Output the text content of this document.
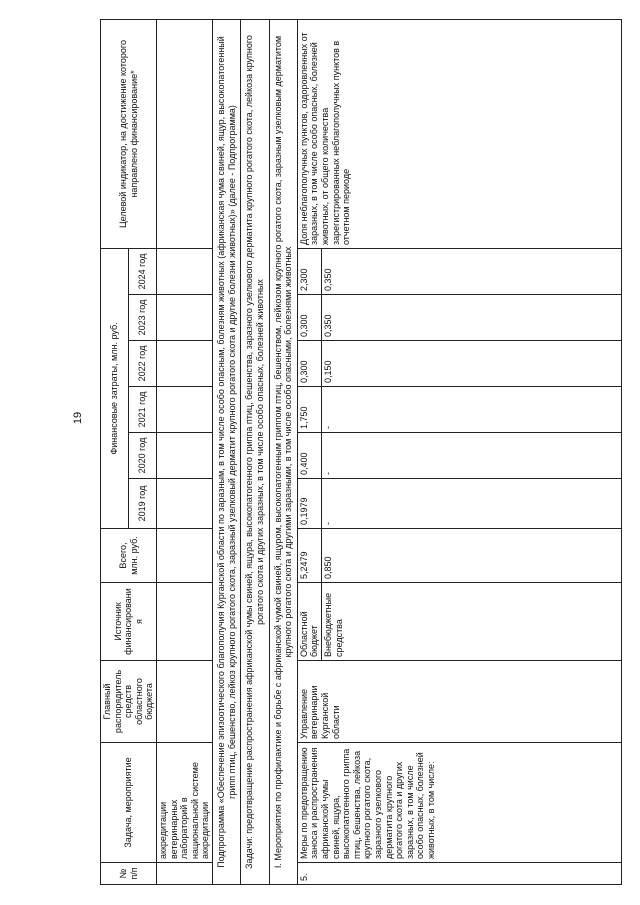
19
№ п/п	Задача, мероприятие	Главный распорядитель средств областного бюджета	Источник финансирования	Всего, млн. руб.	Финансовые затраты, млн. руб.						Целевой индикатор, на достижение которого направлено финансирование*
					2019 год	2020 год	2021 год	2022 год	2023 год	2024 год	
	аккредитации ветеринарных лабораторий в национальной системе аккредитации										
Подпрограмма «Обеспечение эпизоотического благополучия Курганской области по заразным, в том числе особо опасным, болезням животных (африканская чума свиней, ящур, высокопатогенный грипп птиц, бешенство, лейкоз крупного рогатого скота, заразный узелковый дерматит крупного рогатого скота и другие болезни животных)» (далее - Подпрограмма)											
Задачи: предотвращение распространения африканской чумы свиней, ящура, высокопатогенного гриппа птиц, бешенства, заразного узелкового дерматита крупного рогатого скота, лейкоза крупного рогатого скота и других заразных, в том числе особо опасных, болезней животных											
I. Мероприятия по профилактике и борьбе с африканской чумой свиней, ящуром, высокопатогенным гриппом птиц, бешенством, лейкозом крупного рогатого скота, заразным узелковым дерматитом крупного рогатого скота и другими заразными, в том числе особо опасными, болезнями животных											
5.	Меры по предотвращению заноса и распространения африканской чумы свиней, ящура, высокопатогенного гриппа птиц, бешенства, лейкоза крупного рогатого скота, заразного узелкового дерматита крупного рогатого скота и других заразных, в том числе особо опасных, болезней животных, в том числе:	Управление ветеринарии Курганской области	Областной бюджет	5,2479	0,1979	0,400	1,750	0,300	0,300	2,300	Доля неблагополучных пунктов, оздоровленных от заразных, в том числе особо опасных, болезней животных, от общего количества зарегистрированных неблагополучных пунктов в отчетном периоде
			Внебюджетные средства	0,850	-	-	-	0,150	0,350	0,350	
